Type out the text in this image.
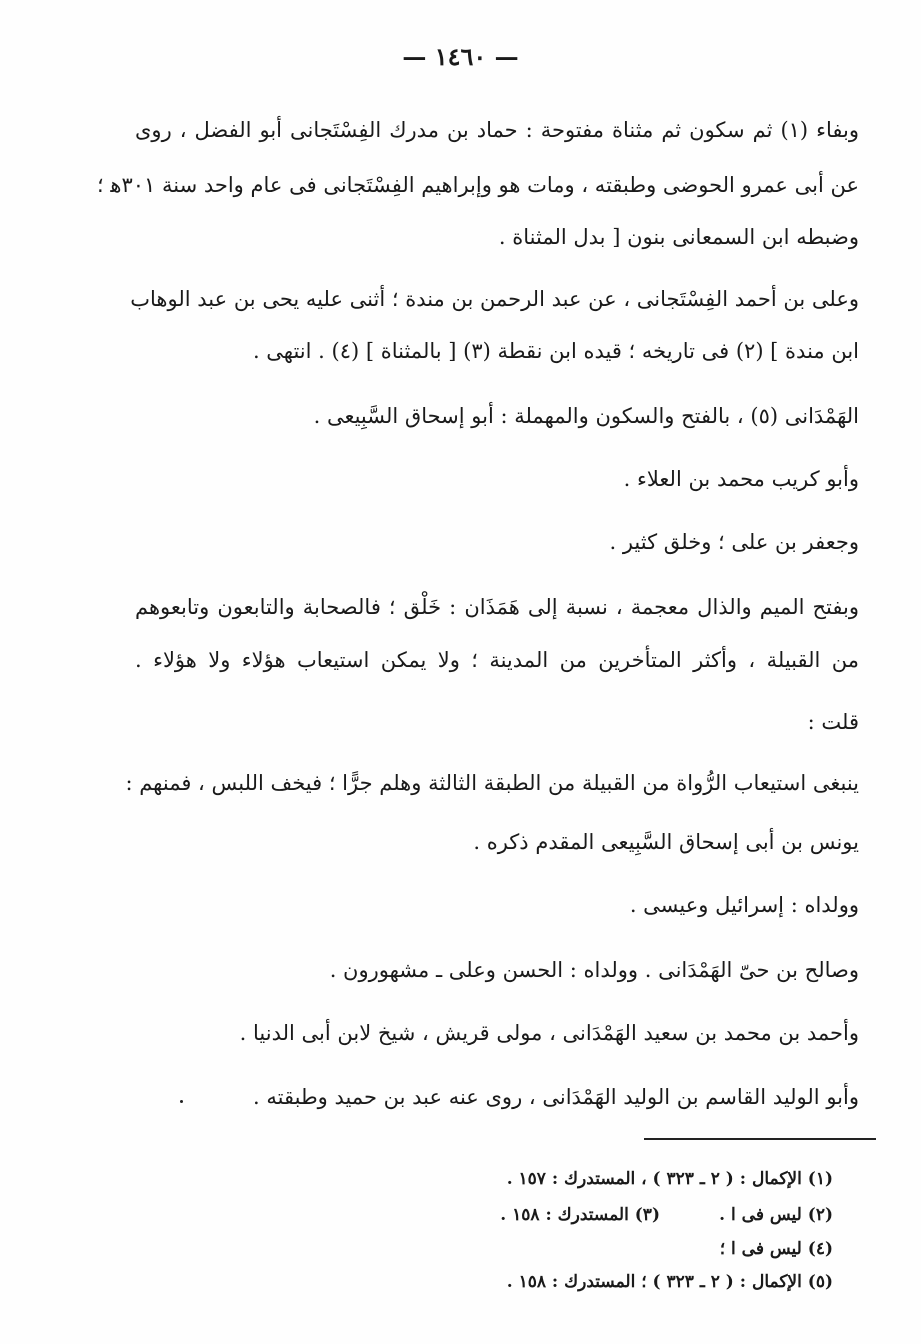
— ١٤٦٠ —
وبفاء (١) ثم سكون ثم مثناة مفتوحة : حماد بن مدرك الفِسْتَجانى أبو الفضل ، روى
عن أبى عمرو الحوضى وطبقته ، ومات هو وإبراهيم الفِسْتَجانى فى عام واحد سنة ٣٠١ﻫ ؛
وضبطه ابن السمعانى بنون [ بدل المثناة .
وعلى بن أحمد الفِسْتَجانى ، عن عبد الرحمن بن مندة ؛ أثنى عليه يحى بن عبد الوهاب
ابن مندة ] (٢) فى تاريخه ؛ قيده ابن نقطة (٣) [ بالمثناة ] (٤) . انتهى .
الهَمْدَانى (٥) ، بالفتح والسكون والمهملة : أبو إسحاق السَّبِيعى .
وأبو كريب محمد بن العلاء .
وجعفر بن على ؛ وخلق كثير .
وبفتح الميم والذال معجمة ، نسبة إلى هَمَذَان : خَلْق ؛ فالصحابة والتابعون وتابعوهم
من القبيلة ، وأكثر المتأخرين من المدينة ؛ ولا يمكن استيعاب هؤلاء ولا هؤلاء .
قلت :
ينبغى استيعاب الرُّواة من القبيلة من الطبقة الثالثة وهلم جرًّا ؛ فيخف اللبس ، فمنهم :
يونس بن أبى إسحاق السَّبِيعى المقدم ذكره .
وولداه : إسرائيل وعيسى .
وصالح بن حىّ الهَمْدَانى . وولداه : الحسن وعلى ـ مشهورون .
وأحمد بن محمد بن سعيد الهَمْدَانى ، مولى قريش ، شيخ لابن أبى الدنيا .
وأبو الوليد القاسم بن الوليد الهَمْدَانى ، روى عنه عبد بن حميد وطبقته .
(١) الإكمال : ( ٢ ـ ٣٢٣ ) ، المستدرك : ١٥٧ .
(٢) ليس فى ا .          (٣) المستدرك : ١٥٨ .
(٤) ليس فى ا ؛
(٥) الإكمال : ( ٢ ـ ٣٢٣ ) ؛ المستدرك : ١٥٨ .
